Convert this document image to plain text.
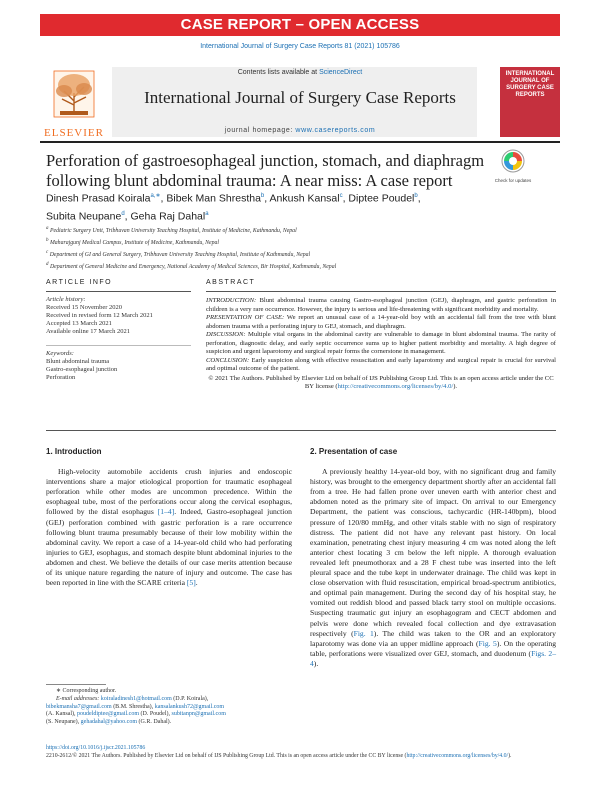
CASE REPORT – OPEN ACCESS
International Journal of Surgery Case Reports 81 (2021) 105786
ELSEVIER
Contents lists available at ScienceDirect
International Journal of Surgery Case Reports
journal homepage: www.casereports.com
INTERNATIONAL JOURNAL OF SURGERY CASE REPORTS
Perforation of gastroesophageal junction, stomach, and diaphragm following blunt abdominal trauma: A near miss: A case report	Check for updates
Dinesh Prasad Koirala$^{a,∗}$, Bibek Man Shrestha$^b$, Ankush Kansal$^c$, Diptee Poudel$^b$,
Subita Neupane$^d$, Geha Raj Dahal$^a$
$^a$ Pediatric Surgery Unit, Tribhuvan University Teaching Hospital, Institute of Medicine, Kathmandu, Nepal
$^b$ Maharajgunj Medical Campus, Institute of Medicine, Kathmandu, Nepal
$^c$ Department of GI and General Surgery, Tribhuvan University Teaching Hospital, Institute of Kathmandu, Nepal
$^d$ Department of General Medicine and Emergency, National Academy of Medical Sciences, Bir Hospital, Kathmandu, Nepal
ARTICLE INFO	ABSTRACT
Article history:
Received 15 November 2020
Received in revised form 12 March 2021
Accepted 13 March 2021
Available online 17 March 2021
Keywords:
Blunt abdominal trauma
Gastro-esophageal junction
Perforation

INTRODUCTION: Blunt abdominal trauma causing Gastro-esophageal junction (GEJ), diaphragm, and gastric perforation in children is a very rare occurrence. However, the injury is serious and life-threatening with significant morbidity and mortality.

PRESENTATION OF CASE: We report an unusual case of a 14-year-old boy with an accidental fall from the tree with blunt abdomen trauma with a perforating injury to GEJ, stomach, and diaphragm.

DISCUSSION: Multiple vital organs in the abdominal cavity are vulnerable to damage in blunt abdominal trauma. The rarity of perforation, diagnostic delay, and early septic occurrence sums up to higher patient morbidity and mortality. A high degree of suspicion and urgent laparotomy and surgical repair forms the cornerstone in management.

CONCLUSION: Early suspicion along with effective resuscitation and early laparotomy and surgical repair is crucial for survival and optimal outcome of the patient.

© 2021 The Authors. Published by Elsevier Ltd on behalf of IJS Publishing Group Ltd. This is an open access article under the CC BY license (http://creativecommons.org/licenses/by/4.0/).

1. Introduction

High-velocity automobile accidents crush injuries and endoscopic interventions share a major etiological proportion for traumatic esophageal perforation while other modes are uncommon precedence. Within the esophageal tube, most of the perforations occur along the cervical esophagus, followed by the distal esophagus [1–4]. Indeed, Gastro-esophageal junction (GEJ) perforation combined with gastric perforation is a rare occurrence following blunt trauma presumably because of their low mobility within the abdominal cavity. We report a case of a 14-year-old child who had perforating injuries to GEJ, esophagus, and stomach despite blunt abdominal injuries to the abdomen and chest. We believe the details of our case merits attention because of its unique nature regarding the nature of injury and outcome. The case has been reported in line with the SCARE criteria [5].

2. Presentation of case

A previously healthy 14-year-old boy, with no significant drug and family history, was brought to the emergency department shortly after an accidental fall from a tree. He had fallen prone over uneven earth with anterior chest and abdomen noted as the primary site of impact. On arrival to our Emergency Department, the patient was conscious, tachycardic (HR-140bpm), blood pressure of 120/80 mmHg, and other vitals stable with no sign of respiratory distress. The patient did not have any relevant past history. On local examination, penetrating chest injury measuring 4 cm was noted along the left anterior chest locating 3 cm below the left nipple. A thorough evaluation revealed left pneumothorax and a 28 F chest tube was inserted into the left pleural space and the tube kept in underwater drainage. The child was kept in close observation with fluid resuscitation, empirical broad-spectrum antibiotics, and optimal pain management. During the second day of his hospital stay, he vomited out reddish blood and passed black tarry stool on multiple occasions. Suspecting traumatic gut injury an esophagogram and CECT abdomen and pelvis were done which revealed focal collection and dye extravasation respectively (Fig. 1). The child was taken to the OR and an exploratory laparotomy was done via an upper midline approach (Fig. 5). On the operating table, perforations were visualized over GEJ, stomach, and duodenum (Figs. 2–4).

∗ Corresponding author.
E-mail addresses: koiraladinesh1@hotmail.com (D.P. Koirala),
bibekmansha7@gmail.com (B.M. Shrestha), kansalankush72@gmail.com
(A. Kansal), poudeldiptee@gmail.com (D. Poudel), subitanpn@gmail.com
(S. Neupane), gehadahal@yahoo.com (G.R. Dahal).
https://doi.org/10.1016/j.ijscr.2021.105786
2210-2612/© 2021 The Authors. Published by Elsevier Ltd on behalf of IJS Publishing Group Ltd. This is an open access article under the CC BY license (http://creativecommons.org/licenses/by/4.0/).
